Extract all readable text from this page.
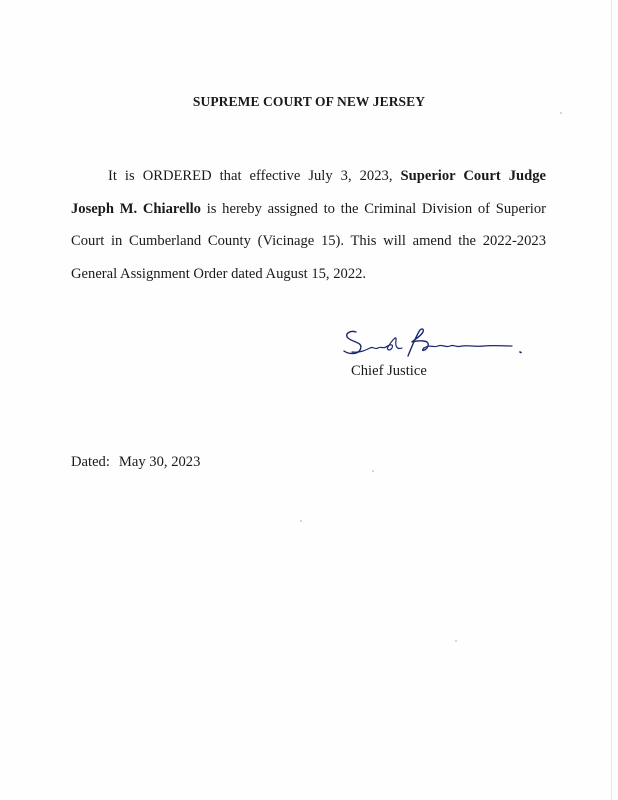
SUPREME COURT OF NEW JERSEY

It is ORDERED that effective July 3, 2023, Superior Court Judge Joseph M. Chiarello is hereby assigned to the Criminal Division of Superior Court in Cumberland County (Vicinage 15). This will amend the 2022-2023 General Assignment Order dated August 15, 2022.

Chief Justice
Dated: May 30, 2023
